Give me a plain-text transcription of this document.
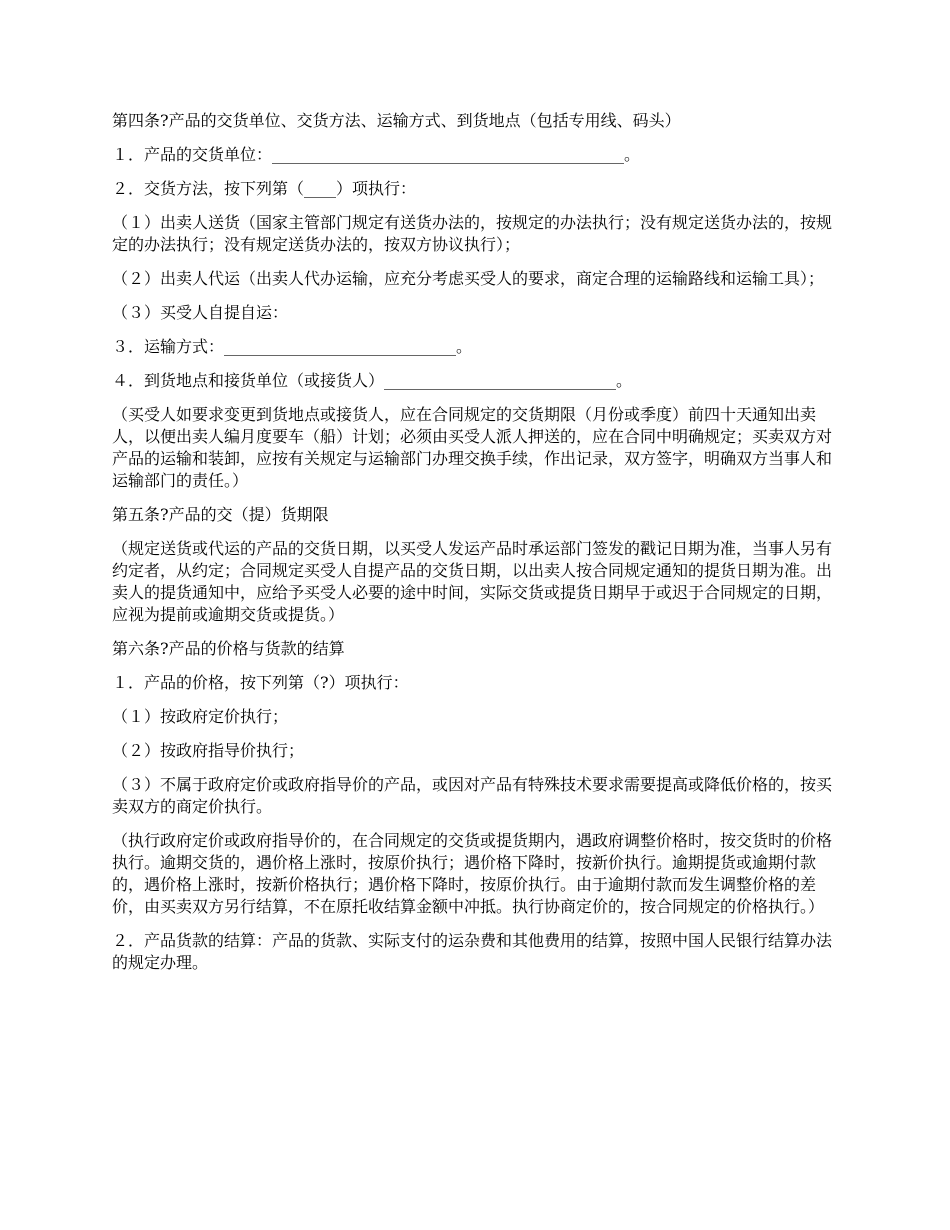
第四条?产品的交货单位、交货方法、运输方式、到货地点（包括专用线、码头）

１．产品的交货单位：____________________________________________。

２．交货方法，按下列第（____）项执行：

（１）出卖人送货（国家主管部门规定有送货办法的，按规定的办法执行；没有规定送货办法的，按规定的办法执行；没有规定送货办法的，按双方协议执行）；

（２）出卖人代运（出卖人代办运输，应充分考虑买受人的要求，商定合理的运输路线和运输工具）；

（３）买受人自提自运：

３．运输方式：_____________________________。

４．到货地点和接货单位（或接货人）_____________________________。

（买受人如要求变更到货地点或接货人，应在合同规定的交货期限（月份或季度）前四十天通知出卖人，以便出卖人编月度要车（船）计划；必须由买受人派人押送的，应在合同中明确规定；买卖双方对产品的运输和装卸，应按有关规定与运输部门办理交换手续，作出记录，双方签字，明确双方当事人和运输部门的责任。）

第五条?产品的交（提）货期限

（规定送货或代运的产品的交货日期，以买受人发运产品时承运部门签发的戳记日期为准，当事人另有约定者，从约定；合同规定买受人自提产品的交货日期，以出卖人按合同规定通知的提货日期为准。出卖人的提货通知中，应给予买受人必要的途中时间，实际交货或提货日期早于或迟于合同规定的日期，应视为提前或逾期交货或提货。）

第六条?产品的价格与货款的结算

１．产品的价格，按下列第（?）项执行：

（１）按政府定价执行；

（２）按政府指导价执行；

（３）不属于政府定价或政府指导价的产品，或因对产品有特殊技术要求需要提高或降低价格的，按买卖双方的商定价执行。

（执行政府定价或政府指导价的，在合同规定的交货或提货期内，遇政府调整价格时，按交货时的价格执行。逾期交货的，遇价格上涨时，按原价执行；遇价格下降时，按新价执行。逾期提货或逾期付款的，遇价格上涨时，按新价格执行；遇价格下降时，按原价执行。由于逾期付款而发生调整价格的差价，由买卖双方另行结算，不在原托收结算金额中冲抵。执行协商定价的，按合同规定的价格执行。）

２．产品货款的结算：产品的货款、实际支付的运杂费和其他费用的结算，按照中国人民银行结算办法的规定办理。
